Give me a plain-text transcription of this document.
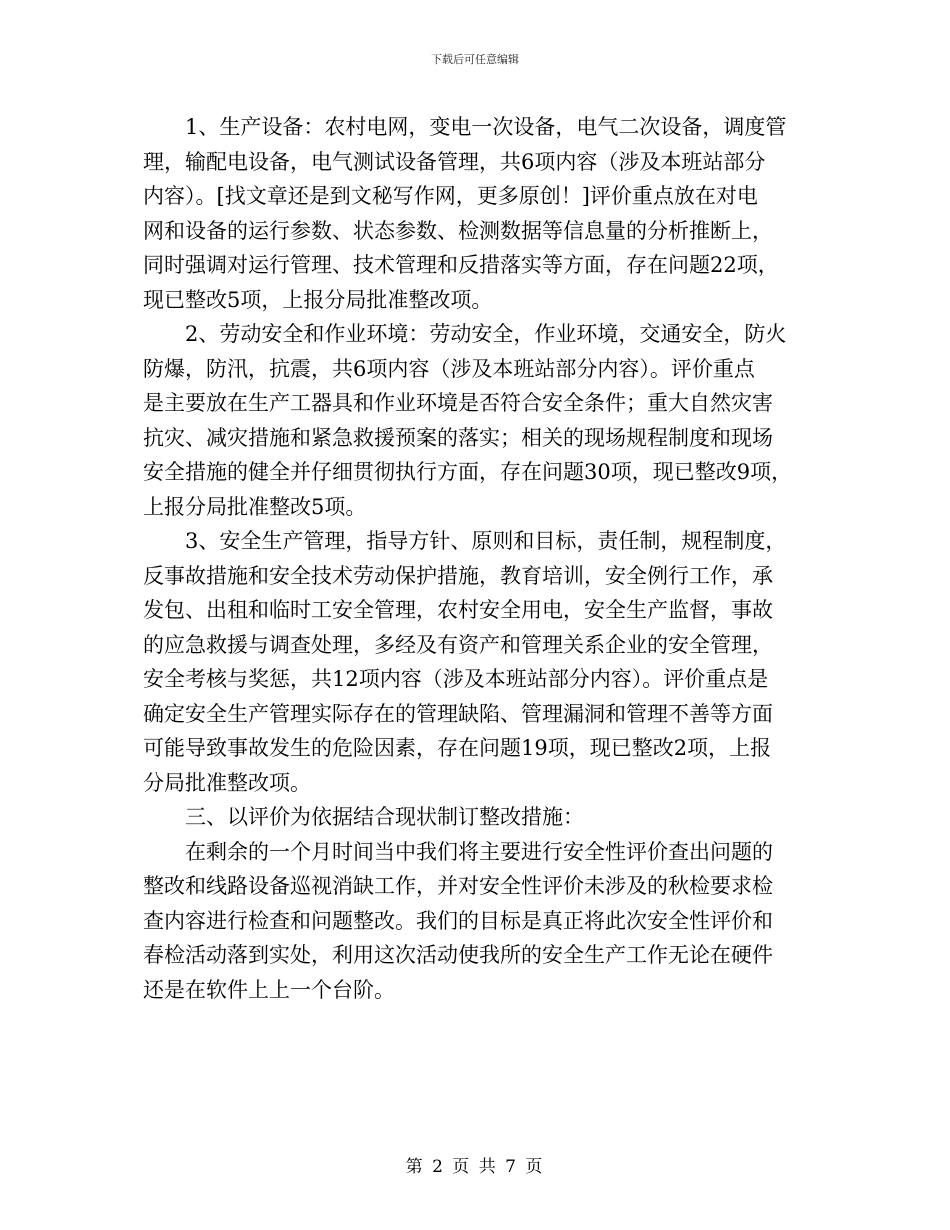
下载后可任意编辑
1、生产设备：农村电网，变电一次设备，电气二次设备，调度管
理，输配电设备，电气测试设备管理，共6项内容（涉及本班站部分
内容）。[找文章还是到文秘写作网，更多原创！]评价重点放在对电
网和设备的运行参数、状态参数、检测数据等信息量的分析推断上，
同时强调对运行管理、技术管理和反措落实等方面，存在问题22项，
现已整改5项，上报分局批准整改项。
2、劳动安全和作业环境：劳动安全，作业环境，交通安全，防火
防爆，防汛，抗震，共6项内容（涉及本班站部分内容）。评价重点
是主要放在生产工器具和作业环境是否符合安全条件；重大自然灾害
抗灾、减灾措施和紧急救援预案的落实；相关的现场规程制度和现场
安全措施的健全并仔细贯彻执行方面，存在问题30项，现已整改9项，
上报分局批准整改5项。
3、安全生产管理，指导方针、原则和目标，责任制，规程制度，
反事故措施和安全技术劳动保护措施，教育培训，安全例行工作，承
发包、出租和临时工安全管理，农村安全用电，安全生产监督，事故
的应急救援与调查处理，多经及有资产和管理关系企业的安全管理，
安全考核与奖惩，共12项内容（涉及本班站部分内容）。评价重点是
确定安全生产管理实际存在的管理缺陷、管理漏洞和管理不善等方面
可能导致事故发生的危险因素，存在问题19项，现已整改2项，上报
分局批准整改项。
三、以评价为依据结合现状制订整改措施：
在剩余的一个月时间当中我们将主要进行安全性评价查出问题的
整改和线路设备巡视消缺工作，并对安全性评价未涉及的秋检要求检
查内容进行检查和问题整改。我们的目标是真正将此次安全性评价和
春检活动落到实处，利用这次活动使我所的安全生产工作无论在硬件
还是在软件上上一个台阶。
第 2 页 共 7 页
